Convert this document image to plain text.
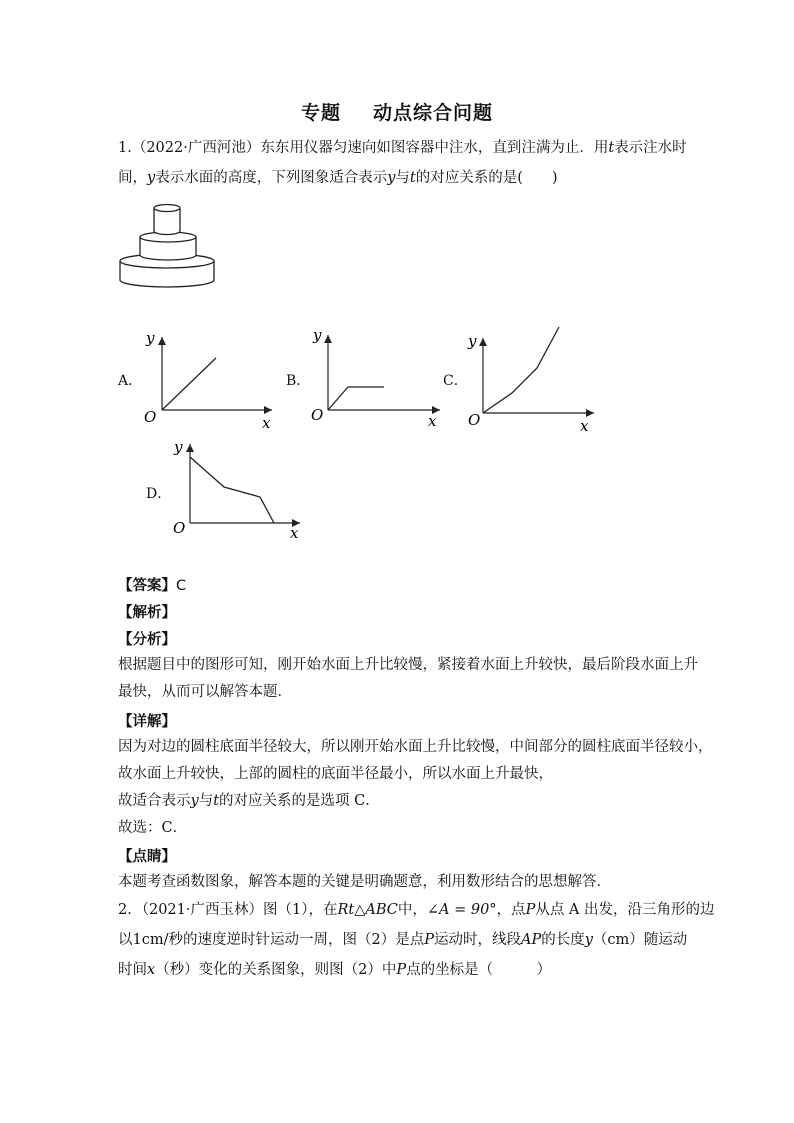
专题 动点综合问题
1.（2022·广西河池）东东用仪器匀速向如图容器中注水，直到注满为止．用t表示注水时
间，y表示水面的高度，下列图象适合表示y与t的对应关系的是(　　)
A．
y
x
O
B．
y
x
O
C．
y
x
O
D．
y
x
O
【答案】C
【解析】
【分析】
根据题目中的图形可知，刚开始水面上升比较慢，紧接着水面上升较快，最后阶段水面上升
最快，从而可以解答本题．
【详解】
因为对边的圆柱底面半径较大，所以刚开始水面上升比较慢，中间部分的圆柱底面半径较小，
故水面上升较快，上部的圆柱的底面半径最小，所以水面上升最快，
故适合表示y与t的对应关系的是选项 C．
故选：C．
【点睛】
本题考查函数图象，解答本题的关键是明确题意，利用数形结合的思想解答．
2．（2021·广西玉林）图（1），在Rt△ABC中，∠A = 90°，点P从点 A 出发，沿三角形的边
以1cm/秒的速度逆时针运动一周，图（2）是点P运动时，线段AP的长度y（cm）随运动
时间x（秒）变化的关系图象，则图（2）中P点的坐标是（　　　）
